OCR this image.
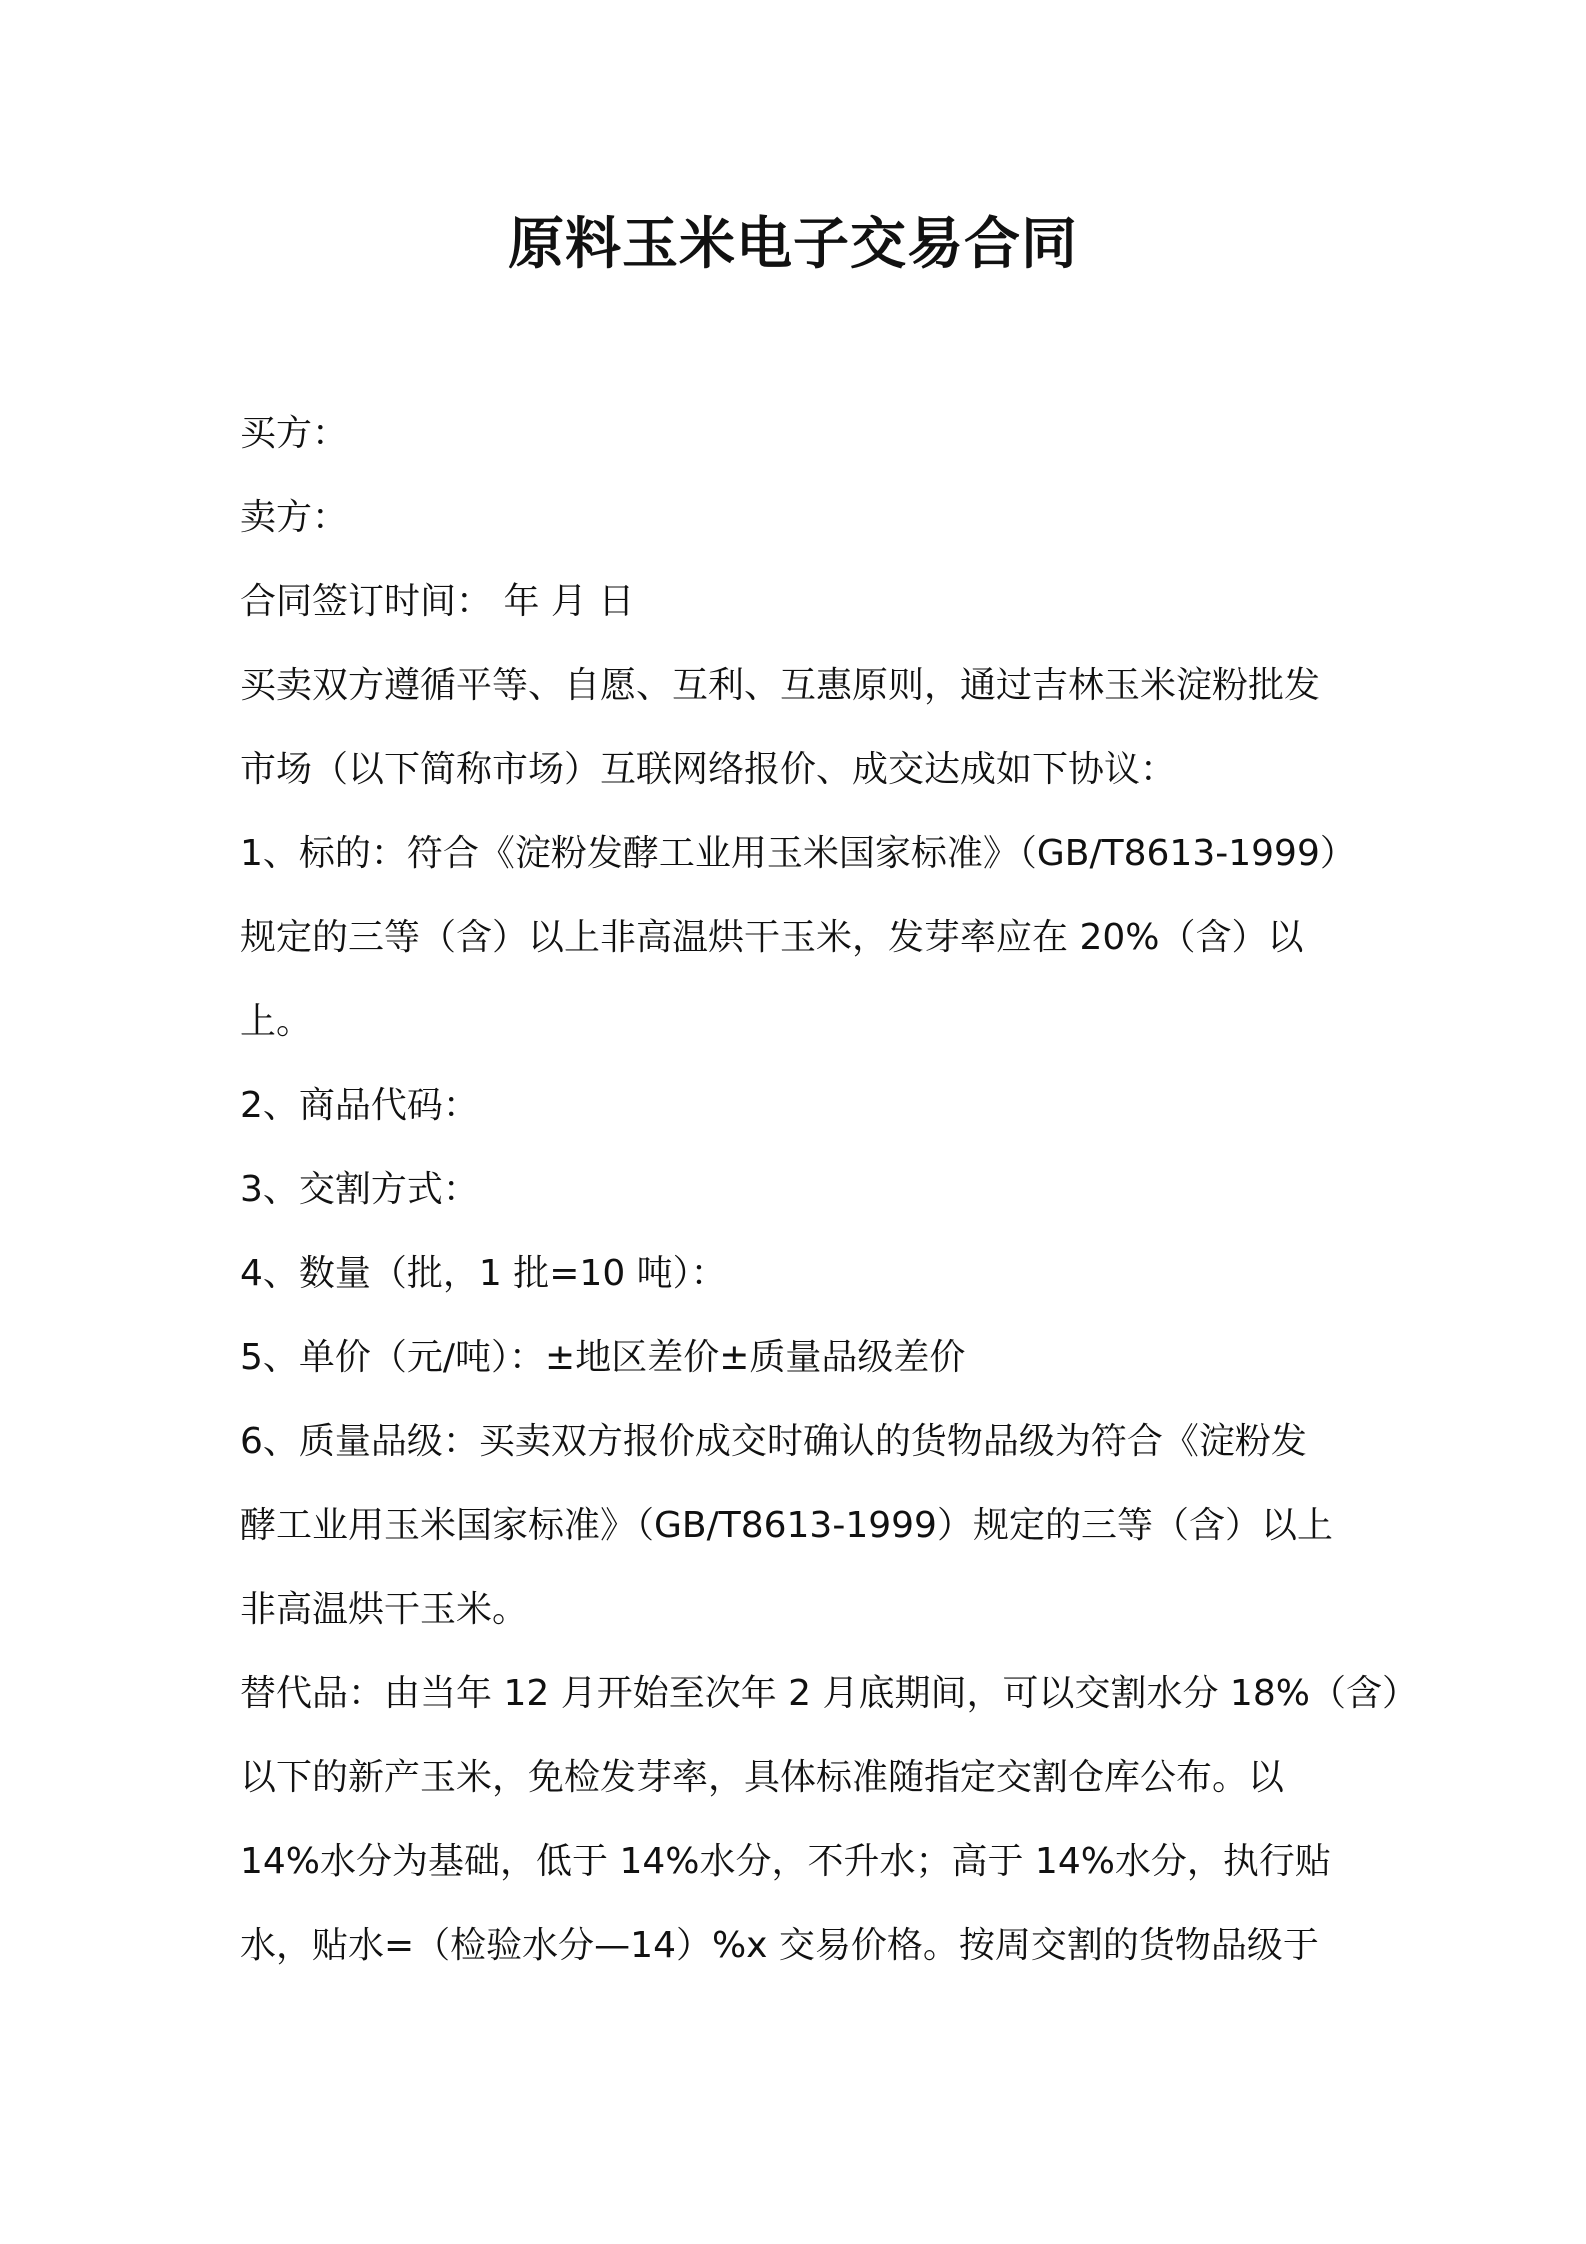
原料玉米电子交易合同

买方：

卖方：

合同签订时间： 年 月 日

买卖双方遵循平等、自愿、互利、互惠原则，通过吉林玉米淀粉批发

市场（以下简称市场）互联网络报价、成交达成如下协议：

1、标的：符合《淀粉发酵工业用玉米国家标准》（GB/T8613-1999）

规定的三等（含）以上非高温烘干玉米，发芽率应在 20%（含）以

上。

2、商品代码：

3、交割方式：

4、数量（批，1 批=10 吨）：

5、单价（元/吨）：±地区差价±质量品级差价

6、质量品级：买卖双方报价成交时确认的货物品级为符合《淀粉发

酵工业用玉米国家标准》（GB/T8613-1999）规定的三等（含）以上

非高温烘干玉米。

替代品：由当年 12 月开始至次年 2 月底期间，可以交割水分 18%（含）

以下的新产玉米，免检发芽率，具体标准随指定交割仓库公布。以

14%水分为基础，低于 14%水分，不升水；高于 14%水分，执行贴

水，贴水=（检验水分—14）%x 交易价格。按周交割的货物品级于
